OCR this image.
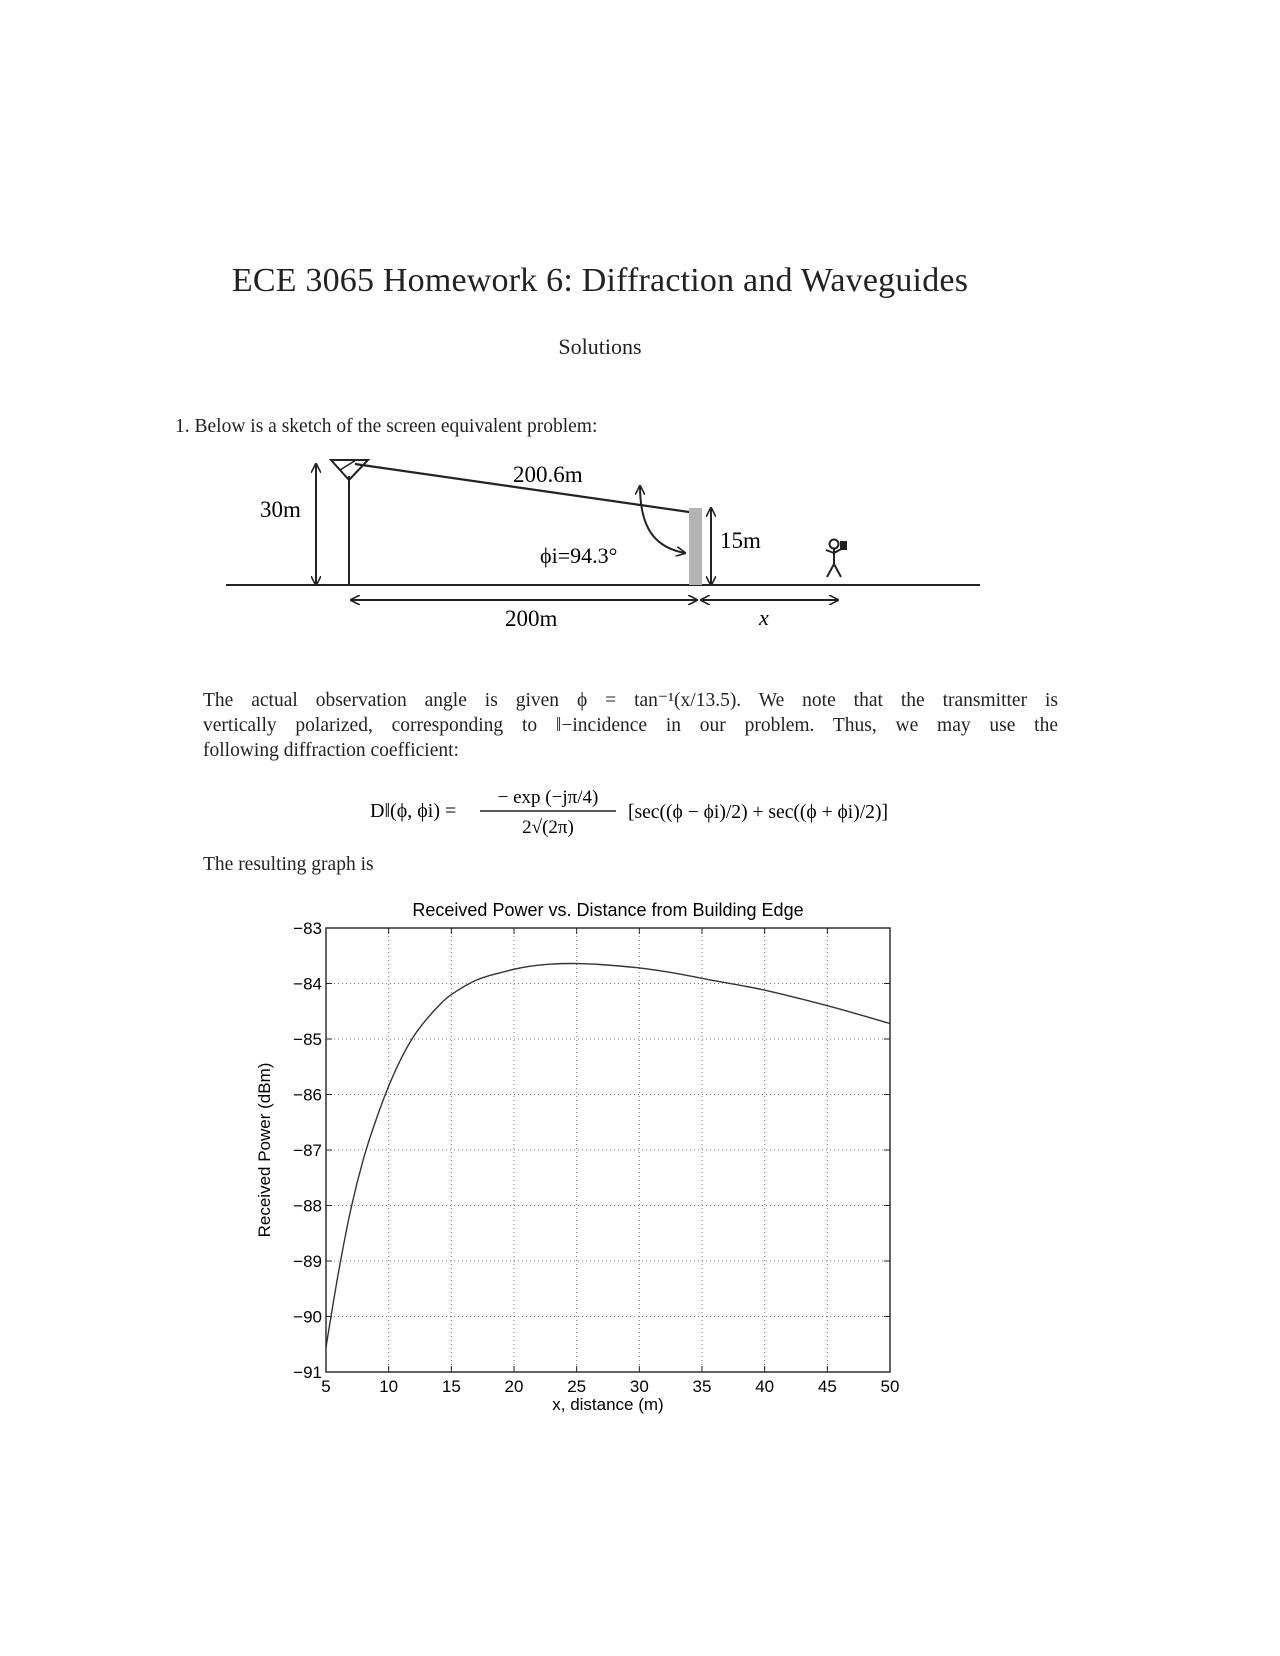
ECE 3065 Homework 6: Diffraction and Waveguides
Solutions
1. Below is a sketch of the screen equivalent problem:
30m
200.6m
ϕi=94.3°
15m
200m	x
The actual observation angle is given ϕ = tan⁻¹(x/13.5). We note that the transmitter is
vertically polarized, corresponding to ‖−incidence in our problem. Thus, we may use the
following diffraction coefficient:
D‖(ϕ, ϕi) =
− exp (−jπ/4)
2√(2π)
[sec((ϕ − ϕi)/2) + sec((ϕ + ϕi)/2)]
The resulting graph is
5	10	15	20	25	30	35	40	45	50
−83
−84
−85
−86
−87
−88
−89
−90
−91
Received Power vs. Distance from Building Edge
x, distance (m)
Received Power (dBm)
